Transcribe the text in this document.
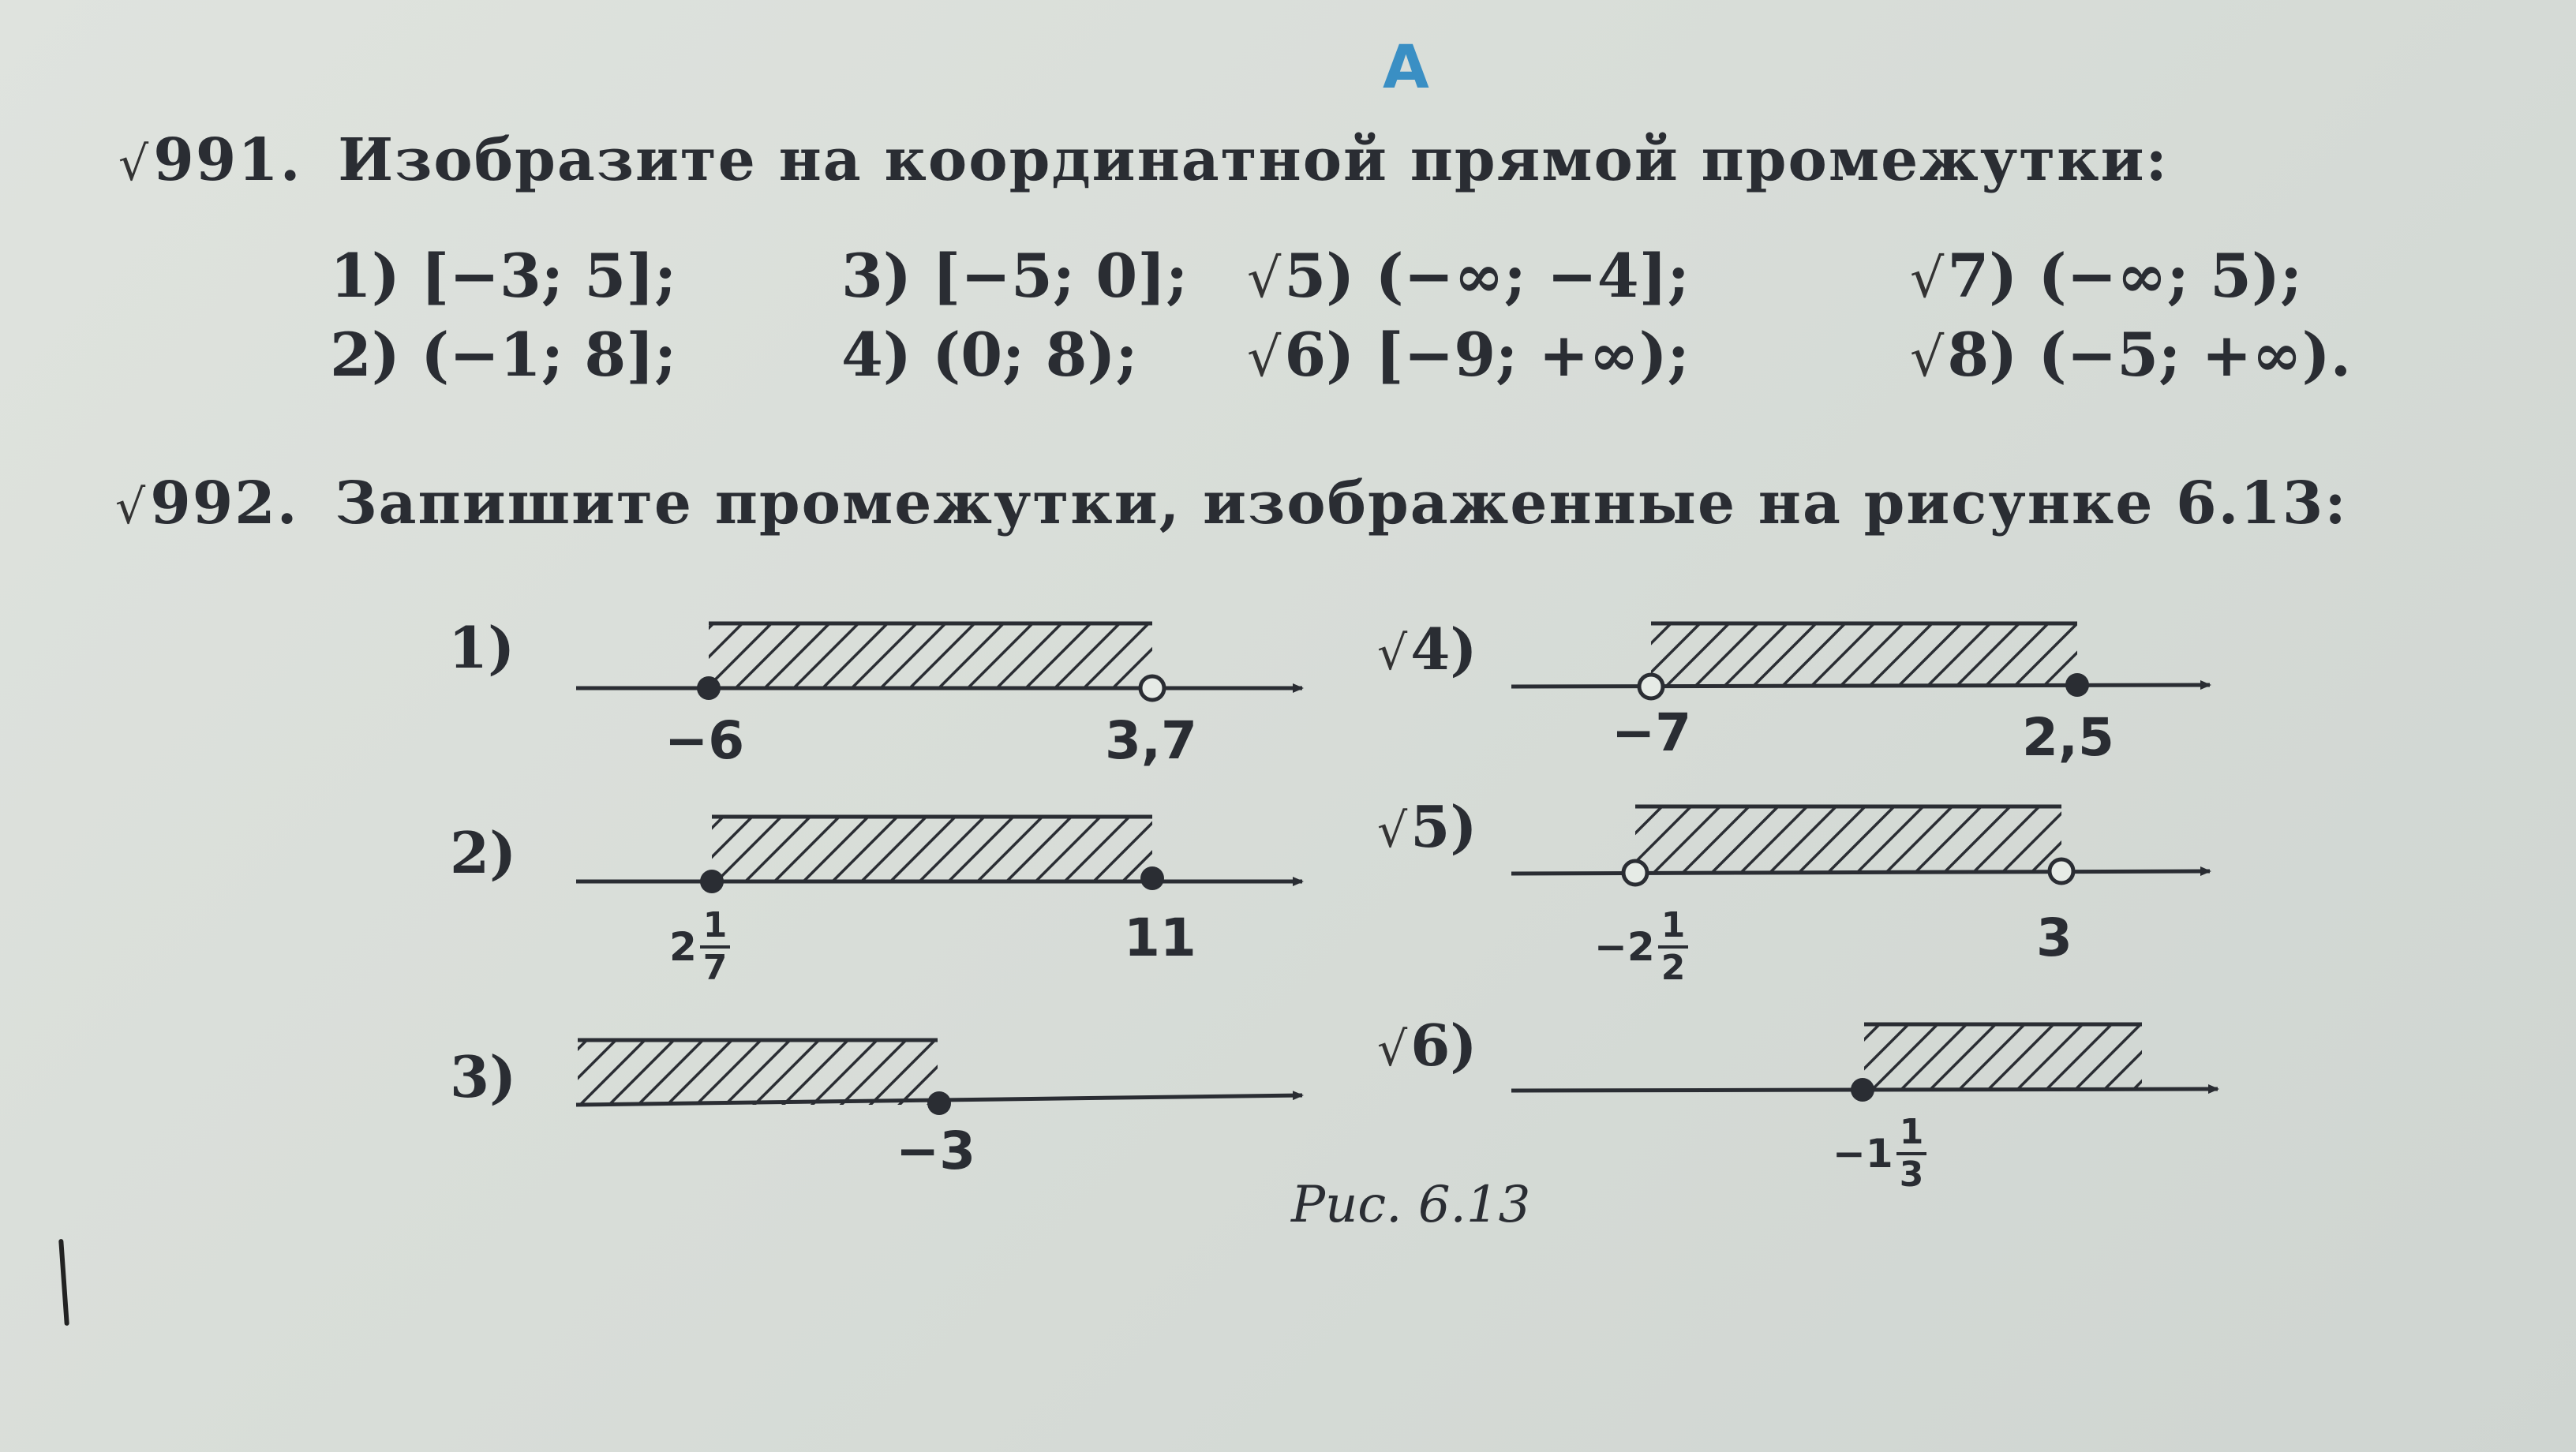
А
√991. Изобразите на координатной прямой промежутки:
1) [−3; 5];
2) (−1; 8];
3) [−5; 0];
4) (0; 8);
√5) (−∞; −4];
√6) [−9; +∞);
√7) (−∞; 5);
√8) (−5; +∞).
√992. Запишите промежутки, изображенные на рисунке 6.13:
1)
2)
3)
√4)
√5)
√6)
−6	3,7
$2 \frac{1}{7}$	11
−3
−7	2,5
$-2 \frac{1}{2}$	3
$-1 \frac{1}{3}$
Рис. 6.13
